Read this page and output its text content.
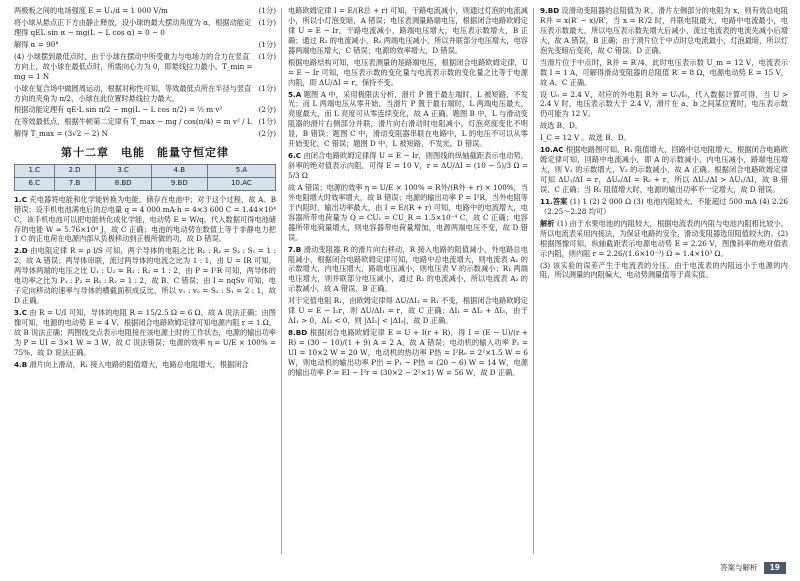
两极板之间的电场强度 E = U₁/d = 1 000 V/m	(1分)
将小球从悬点正下方由静止释放，设小球的最大摆动角度为 α，根据动能定理得 qEL sin α − mg(L − L cos α) = 0 − 0
(1分)
解得 α = 90°	(1分)
(4) 小球摆到最低点时，由于小球在摆动中所受重力与电场力的合力在竖直方向上，故小球在最低点时，所需向心力为 0，即悬线拉力最小，T_min = mg = 1 N
(1分)
小球在复合场中做圆周运动，根据对称性可知，等效最低点所在半径与竖直方向的夹角为 π/2，小球在此位置时悬线拉力最大。
(1分)
根据动能定理有 qE·L sin π/2 − mg(L − L cos π/2) = ½ m v²	(2分)
在等效最低点，根据牛顿第二定律有 T_max − mg / cos(π/4) = m v² / L (1分)
解得 T_max = (3√2 − 2) N	(2分)
第十二章　电能　能量守恒定律
1.C	2.D	3.C	4.B	5.A
6.C	7.B	8.BD	9.BD	10.AC

1.C 充电器将电能和化学能转换为电能，储存在电池中；对于这个过程，故 A、B 错误；设手机电池满电后的总电量 q = 4 000 mA·h = 4×3 600 C = 1.44×10⁴ C，该手机电池可以把电能转化成化学能，电动势 E = W/q，代入数据可得电池储存的电能 W ≈ 5.76×10⁴ J，故 C 正确；电池的电动势在数值上等于非静电力把 1 C 的正电荷在电源内部从负极移动到正极所做的功，故 D 错误。

2.D 由电阻定律 R = ρ l/S 可知，两个导体的电阻之比 R₁ : R₂ = S₂ : S₁ = 1 : 2，故 A 错误；两导体串联，流过两导体的电流之比为 1 : 1，由 U = IR 可知，两导体两端的电压之比 U₁ : U₂ = R₁ : R₂ = 1 : 2，由 P = I²R 可知，两导体的电功率之比为 P₁ : P₂ = R₁ : R₂ = 1 : 2，故 B、C 错误；由 I = nqSv 可知，电子定向移动的速率与导体的横截面积成反比，所以 v₁ : v₂ = S₂ : S₁ = 2 : 1，故 D 正确。

3.C 由 R = U/I 可知，导体的电阻 R = 15/2.5 Ω = 6 Ω，故 A 说法正确；由图像可知，电源的电动势 E = 4 V，根据闭合电路欧姆定律可知电源内阻 r = 1 Ω，故 B 说法正确；两图线交点表示电阻接在该电源上时的工作状态，电源的输出功率为 P = UI = 3×1 W = 3 W，故 C 说法错误；电源的效率 η = U/E × 100% = 75%，故 D 说法正确。

4.B 滑片向上滑动，R₁ 接入电路的阻值增大，电路总电阻增大，根据闭合

电路欧姆定律 I = E/(R总 + r) 可知，干路电流减小，则通过灯泡的电流减小，所以小灯泡变暗，A 错误；电压表测量路端电压，根据闭合电路欧姆定律 U = E − Ir，干路电流减小，路端电压增大，电压表示数增大，B 正确；通过 R₂ 的电流减小，R₂ 两端电压减小，所以并联部分电压增大，电容器两端电压增大，C 错误；电源的效率增大，D 错误。

根据电路结构可知，电压表测量的是路端电压，根据闭合电路欧姆定律，U = E − Ir 可知，电压表示数的变化量与电流表示数的变化量之比等于电源内阻，即 ΔU/ΔI = r，保持不变。

5.A 题图 A 中，采用极限法分析，滑片 P 置于最左端时，L 被短路，不发光；而 L 两端电压从零开始，当滑片 P 置于最右端时，L 两端电压最大，亮度最大，而 L 亮度可从零连续变化，故 A 正确。题图 B 中，L 与滑动变阻器的滑片右侧部分并联，滑片向右滑动时电阻减小，灯泡亮度变化不明显，B 错误；题图 C 中，滑动变阻器串联在电路中，L 的电压不可以从零开始变化，C 错误；题图 D 中，L 被短路，不发光，D 错误。

6.C 由闭合电路欧姆定律得 U = E − Ir，则图线的纵轴截距表示电动势，斜率的绝对值表示内阻，可得 E = 10 V，r = ΔU/ΔI = (10 − 5)/3 Ω = 5/3 Ω

故 A 错误；电源的效率 η = U/E × 100% = R外/(R外 + r) × 100%，当外电阻增大时效率增大，故 B 错误；电源的输出功率 P = I²R，当外电阻等于内阻时，输出功率最大，由 I = E/(R + r) 可知，电路中的电流增大，电容器所带电荷量为 Q = CU₁ = CU_R = 1.5×10⁻⁴ C，故 C 正确；电容器所带电荷量增大，则电容器带电荷量增加，电源两端电压不变，故 D 错误。

7.B 滑动变阻器 R 的滑片向右移动，R 接入电路的阻值减小，外电路总电阻减小，根据闭合电路欧姆定律可知，电路中总电流增大，则电流表 A₁ 的示数增大，内电压增大，路端电压减小，则电压表 V 的示数减小；R₁ 两端电压增大，则并联部分电压减小，通过 R₂ 的电流减小，所以电流表 A₂ 的示数减小，故 A 错误、B 正确。

对于定值电阻 R₁，由欧姆定律得 ΔU/ΔI₁ = R₁ 不变，根据闭合电路欧姆定律 U = E − I₁r，则 ΔU/ΔI₁ = r，故 C 正确；ΔI₁ = ΔI₂ + ΔI₃，由于 ΔI₁ > 0，ΔI₂ < 0，则 |ΔI₁| < |ΔI₃|，故 D 正确。

8.BD 根据闭合电路欧姆定律 E = U + I(r + R)，得 I = (E − U)/(r + R) = (30 − 10)/(1 + 9) A = 2 A，故 A 错误；电动机的输入功率 P₁ = UI = 10×2 W = 20 W，电动机的热功率 P热 = I²R₀ = 2²×1.5 W = 6 W，则电动机的输出功率 P出 = P₁ − P热 = (20 − 6) W = 14 W，电源的输出功率 P = EI − I²r = (30×2 − 2²×1) W = 56 W，故 D 正确。

9.BD 设滑动变阻器的总阻值为 R′，滑片左侧部分的电阻为 x，则有效总电阻 R并 = x(R′ − x)/R′，当 x = R′/2 时，并联电阻最大，电路中电流最小，电压表示数最大，所以电压表示数先增大后减小，流过电流表的电流先减小后增大，故 A 错误，B 正确；由于滑片位于中点时总电流最小，灯泡最暗，所以灯泡先变暗后变亮，故 C 错误、D 正确。

当滑片位于中点时，R并 = R′/4，此时电压表示数 U_m = 12 V，电流表示数 I = 1 A，可解得滑动变阻器的总阻值 R′ = 8 Ω，电源电动势 E = 15 V，故 A、C 正确。

设 U₀ = 2.4 V，对应的外电阻 R外 = U₀/I₀，代入数据计算可得，当 U > 2.4 V 时，电压表示数大于 2.4 V，滑片在 a、b 之间某位置时，电压表示数仍可能为 12 V。

故选 B、D。

I_C = 12 V 。故选 B、D。

10.AC 根据电路图可知，R₁ 阻值增大，回路中总电阻增大，根据闭合电路欧姆定律可知，回路中电流减小，即 A 的示数减小，内电压减小，路端电压增大，则 V₁ 的示数增大，V₂ 的示数减小，故 A 正确。根据闭合电路欧姆定律可知 ΔU₁/ΔI = r，ΔU₂/ΔI = R₂ + r，所以 ΔU₂/ΔI > ΔU₁/ΔI，故 B 错误、C 正确；当 R₁ 阻值增大时，电源的输出功率不一定增大，故 D 错误。

11.答案 (1) 1 (2) 2 000 Ω (3) 电池内阻较大、不能超过 500 mA (4) 2.26（2.25～2.28 均可）

解析 (1) 由于水果电池的内阻较大，根据电流表的内阻与电池内阻相比较小，所以电流表采用内接法，为保证电路的安全，滑动变阻器选用阻值较大的。(2) 根据图像可知，纵轴截距表示电源电动势 E = 2.26 V，图像斜率的绝对值表示内阻，则内阻 r = 2.26/(1.6×10⁻³) Ω ≈ 1.4×10³ Ω。

(3) 该实验的误差产生于电流表的分压，由于电流表的内阻远小于电源的内阻，所以测量的内阻偏大，电动势测量值等于真实值。

答案与解析	19
